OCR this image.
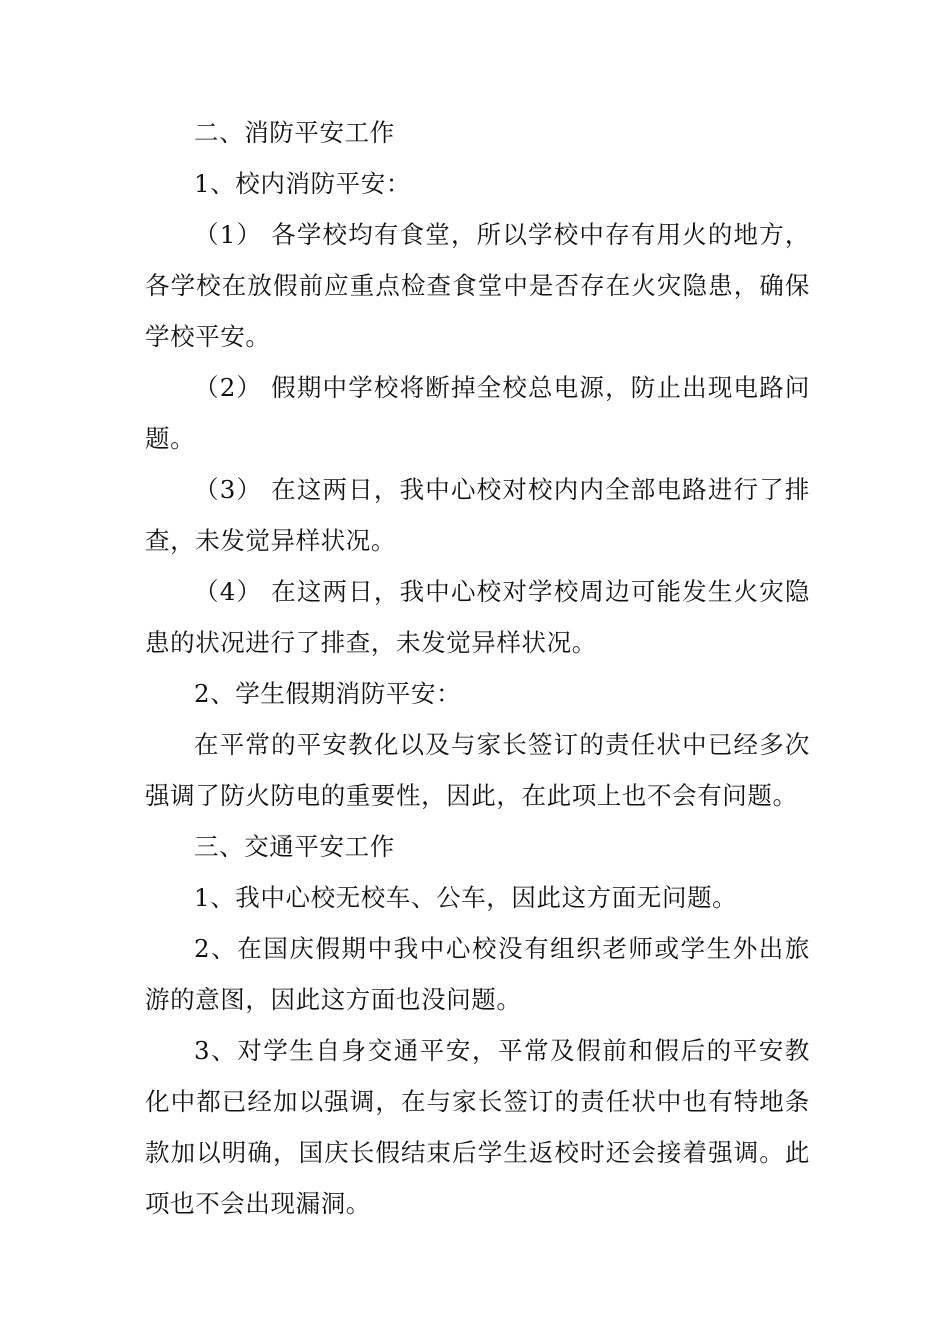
二、消防平安工作

1、校内消防平安：

（1） 各学校均有食堂，所以学校中存有用火的地方，各学校在放假前应重点检查食堂中是否存在火灾隐患，确保学校平安。

（2） 假期中学校将断掉全校总电源，防止出现电路问题。

（3） 在这两日，我中心校对校内内全部电路进行了排查，未发觉异样状况。

（4） 在这两日，我中心校对学校周边可能发生火灾隐患的状况进行了排查，未发觉异样状况。

2、学生假期消防平安：

在平常的平安教化以及与家长签订的责任状中已经多次强调了防火防电的重要性，因此，在此项上也不会有问题。

三、交通平安工作

1、我中心校无校车、公车，因此这方面无问题。

2、在国庆假期中我中心校没有组织老师或学生外出旅游的意图，因此这方面也没问题。

3、对学生自身交通平安，平常及假前和假后的平安教化中都已经加以强调，在与家长签订的责任状中也有特地条款加以明确，国庆长假结束后学生返校时还会接着强调。此项也不会出现漏洞。
